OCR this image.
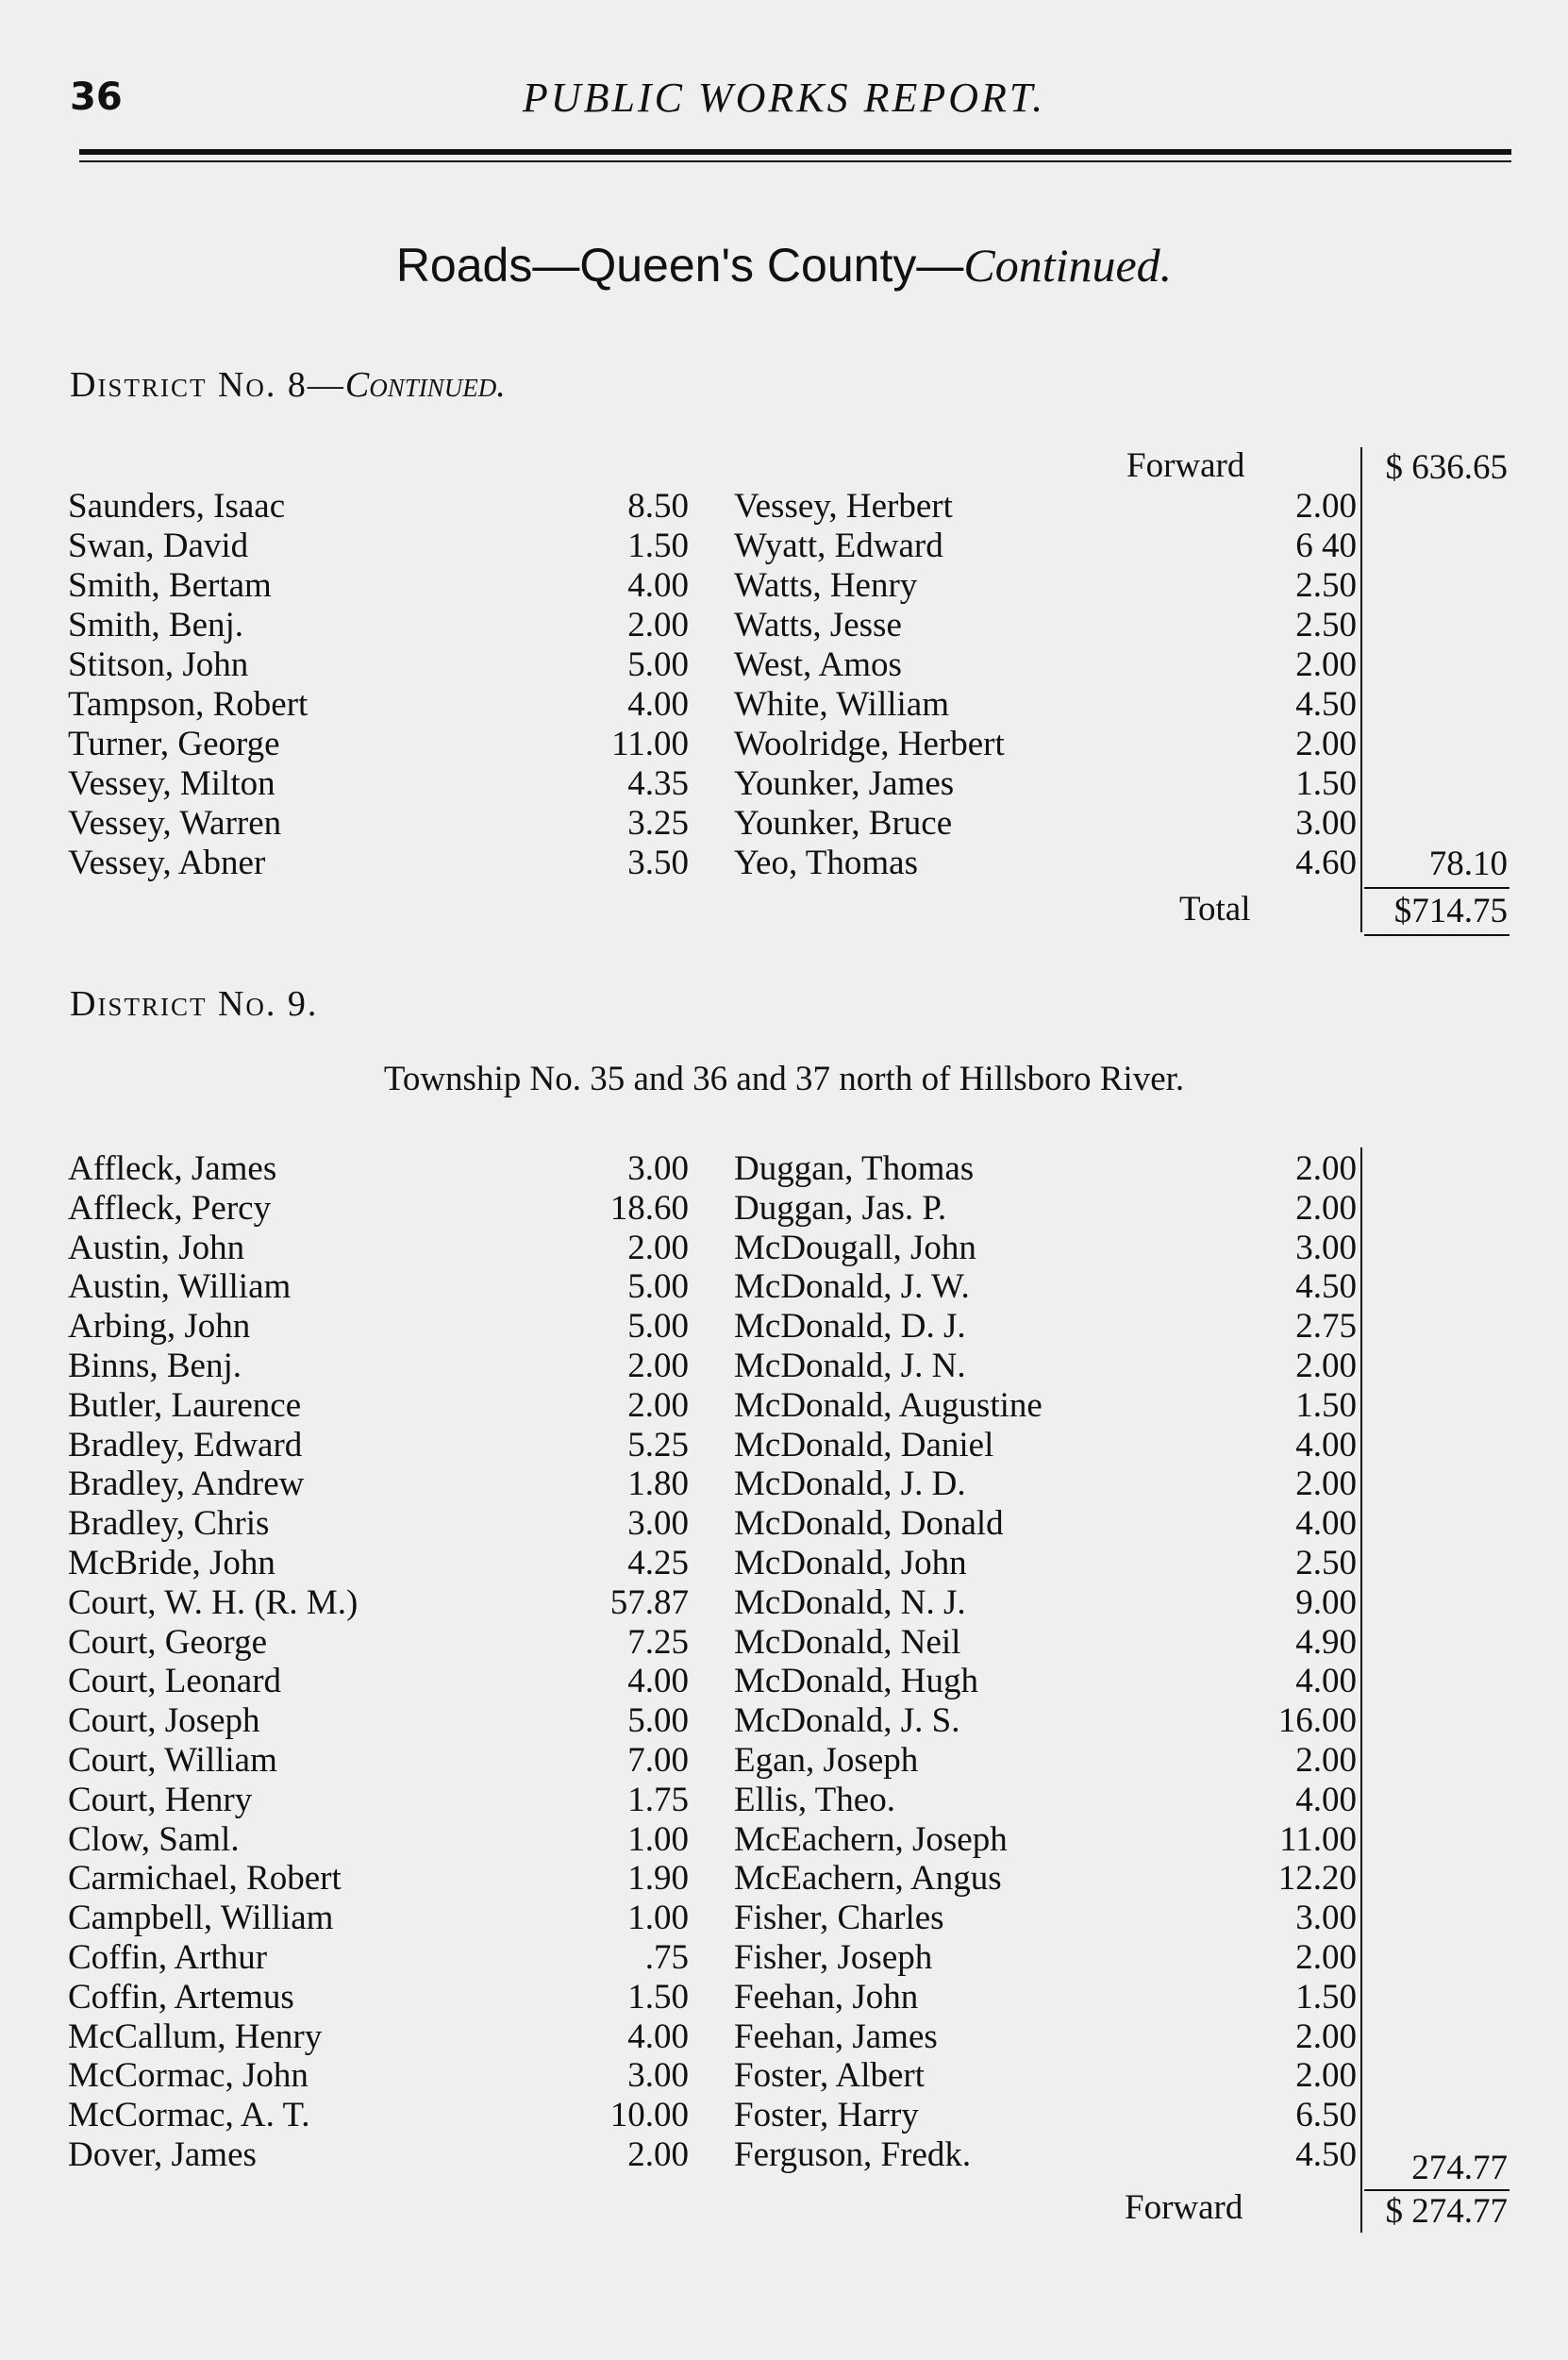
36	PUBLIC WORKS REPORT.
Roads—Queen's County—Continued.
District No. 8—Continued.
Forward	$ 636.65
Saunders, Isaac	8.50 Vessey, Herbert	2.00
Swan, David	1.50 Wyatt, Edward	6 40
Smith, Bertam	4.00 Watts, Henry	2.50
Smith, Benj.	2.00 Watts, Jesse	2.50
Stitson, John	5.00 West, Amos	2.00
Tampson, Robert	4.00 White, William	4.50
Turner, George	11.00 Woolridge, Herbert	2.00
Vessey, Milton	4.35 Younker, James	1.50
Vessey, Warren	3.25 Younker, Bruce	3.00
Vessey, Abner	3.50 Yeo, Thomas	4.60	78.10
Total	$714.75
District No. 9.
Township No. 35 and 36 and 37 north of Hillsboro River.
Affleck, James	3.00 Duggan, Thomas	2.00
Affleck, Percy	18.60 Duggan, Jas. P.	2.00
Austin, John	2.00 McDougall, John	3.00
Austin, William	5.00 McDonald, J. W.	4.50
Arbing, John	5.00 McDonald, D. J.	2.75
Binns, Benj.	2.00 McDonald, J. N.	2.00
Butler, Laurence	2.00 McDonald, Augustine	1.50
Bradley, Edward	5.25 McDonald, Daniel	4.00
Bradley, Andrew	1.80 McDonald, J. D.	2.00
Bradley, Chris	3.00 McDonald, Donald	4.00
McBride, John	4.25 McDonald, John	2.50
Court, W. H. (R. M.)	57.87 McDonald, N. J.	9.00
Court, George	7.25 McDonald, Neil	4.90
Court, Leonard	4.00 McDonald, Hugh	4.00
Court, Joseph	5.00 McDonald, J. S.	16.00
Court, William	7.00 Egan, Joseph	2.00
Court, Henry	1.75 Ellis, Theo.	4.00
Clow, Saml.	1.00 McEachern, Joseph	11.00
Carmichael, Robert	1.90 McEachern, Angus	12.20
Campbell, William	1.00 Fisher, Charles	3.00
Coffin, Arthur	.75 Fisher, Joseph	2.00
Coffin, Artemus	1.50 Feehan, John	1.50
McCallum, Henry	4.00 Feehan, James	2.00
McCormac, John	3.00 Foster, Albert	2.00
McCormac, A. T.	10.00 Foster, Harry	6.50
Dover, James	2.00 Ferguson, Fredk.	4.50	274.77
Forward	$ 274.77
